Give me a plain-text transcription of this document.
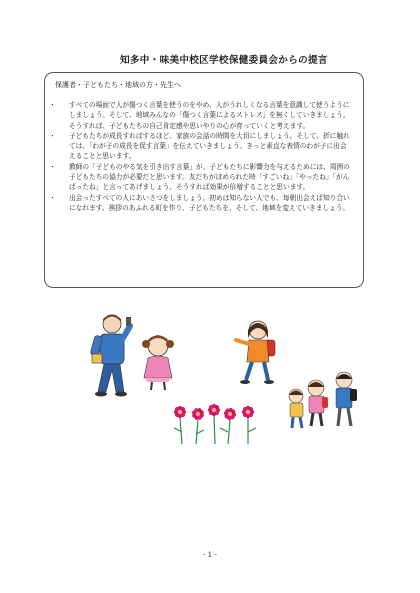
知多中・味美中校区学校保健委員会からの提言
保護者・子どもたち・地域の方・先生へ
・ すべての場面で人が傷つく言葉を使うのをやめ、人がうれしくなる言葉を意識して使うようにしましょう。そして、地域みんなの「傷つく言葉によるストレス」を無くしていきましょう。そうすれば、子どもたちの自己肯定感や思いやりの心が育っていくと考えます。
・ 子どもたちが成長すればするほど、家族の会話の時間を大切にしましょう。そして、折に触れては、「わが子の成長を促す言葉」を伝えていきましょう。きっと素直な表情のわが子に出会えることと思います。
・ 教師の「子どものやる気を引き出す言葉」が、子どもたちに影響力を与えるためには、周囲の子どもたちの協力が必要だと思います。友だちがほめられた時「すごいね」「やったね」「がんばったね」と言ってあげましょう。そうすれば効果が倍増することと思います。
・ 出会ったすべての人にあいさつをしましょう。初めは知らない人でも、毎朝出会えば知り合いになれます。挨拶のあふれる町を作り、子どもたちを、そして、地域を変えていきましょう。
- 1 -
